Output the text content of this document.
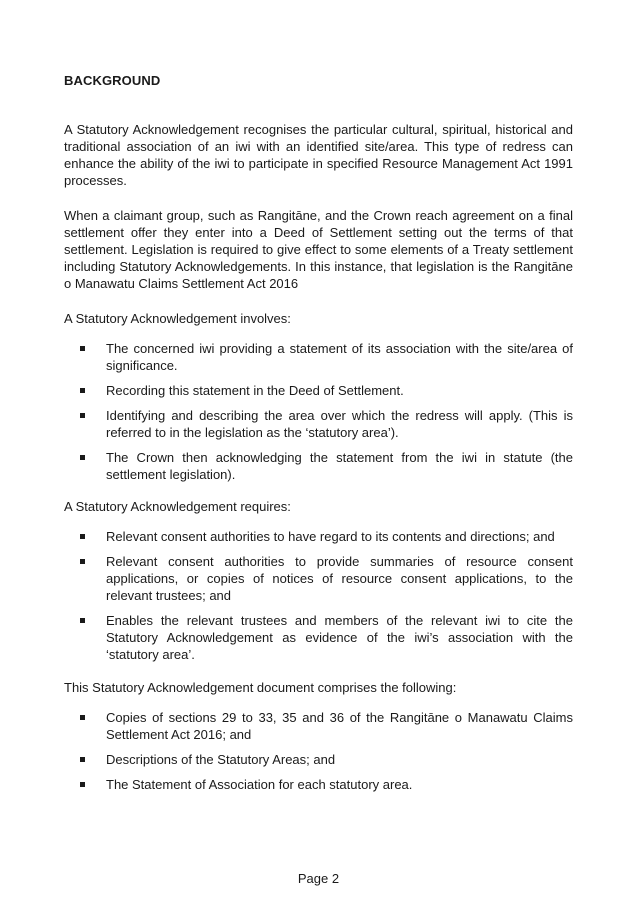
BACKGROUND

A Statutory Acknowledgement recognises the particular cultural, spiritual, historical and traditional association of an iwi with an identified site/area. This type of redress can enhance the ability of the iwi to participate in specified Resource Management Act 1991 processes.

When a claimant group, such as Rangitāne, and the Crown reach agreement on a final settlement offer they enter into a Deed of Settlement setting out the terms of that settlement. Legislation is required to give effect to some elements of a Treaty settlement including Statutory Acknowledgements. In this instance, that legislation is the Rangitāne o Manawatu Claims Settlement Act 2016

A Statutory Acknowledgement involves:

The concerned iwi providing a statement of its association with the site/area of significance.
Recording this statement in the Deed of Settlement.
Identifying and describing the area over which the redress will apply. (This is referred to in the legislation as the ‘statutory area’).
The Crown then acknowledging the statement from the iwi in statute (the settlement legislation).

A Statutory Acknowledgement requires:

Relevant consent authorities to have regard to its contents and directions; and
Relevant consent authorities to provide summaries of resource consent applications, or copies of notices of resource consent applications, to the relevant trustees; and
Enables the relevant trustees and members of the relevant iwi to cite the Statutory Acknowledgement as evidence of the iwi’s association with the ‘statutory area’.

This Statutory Acknowledgement document comprises the following:

Copies of sections 29 to 33, 35 and 36 of the Rangitāne o Manawatu Claims Settlement Act 2016; and
Descriptions of the Statutory Areas; and
The Statement of Association for each statutory area.
Page 2
